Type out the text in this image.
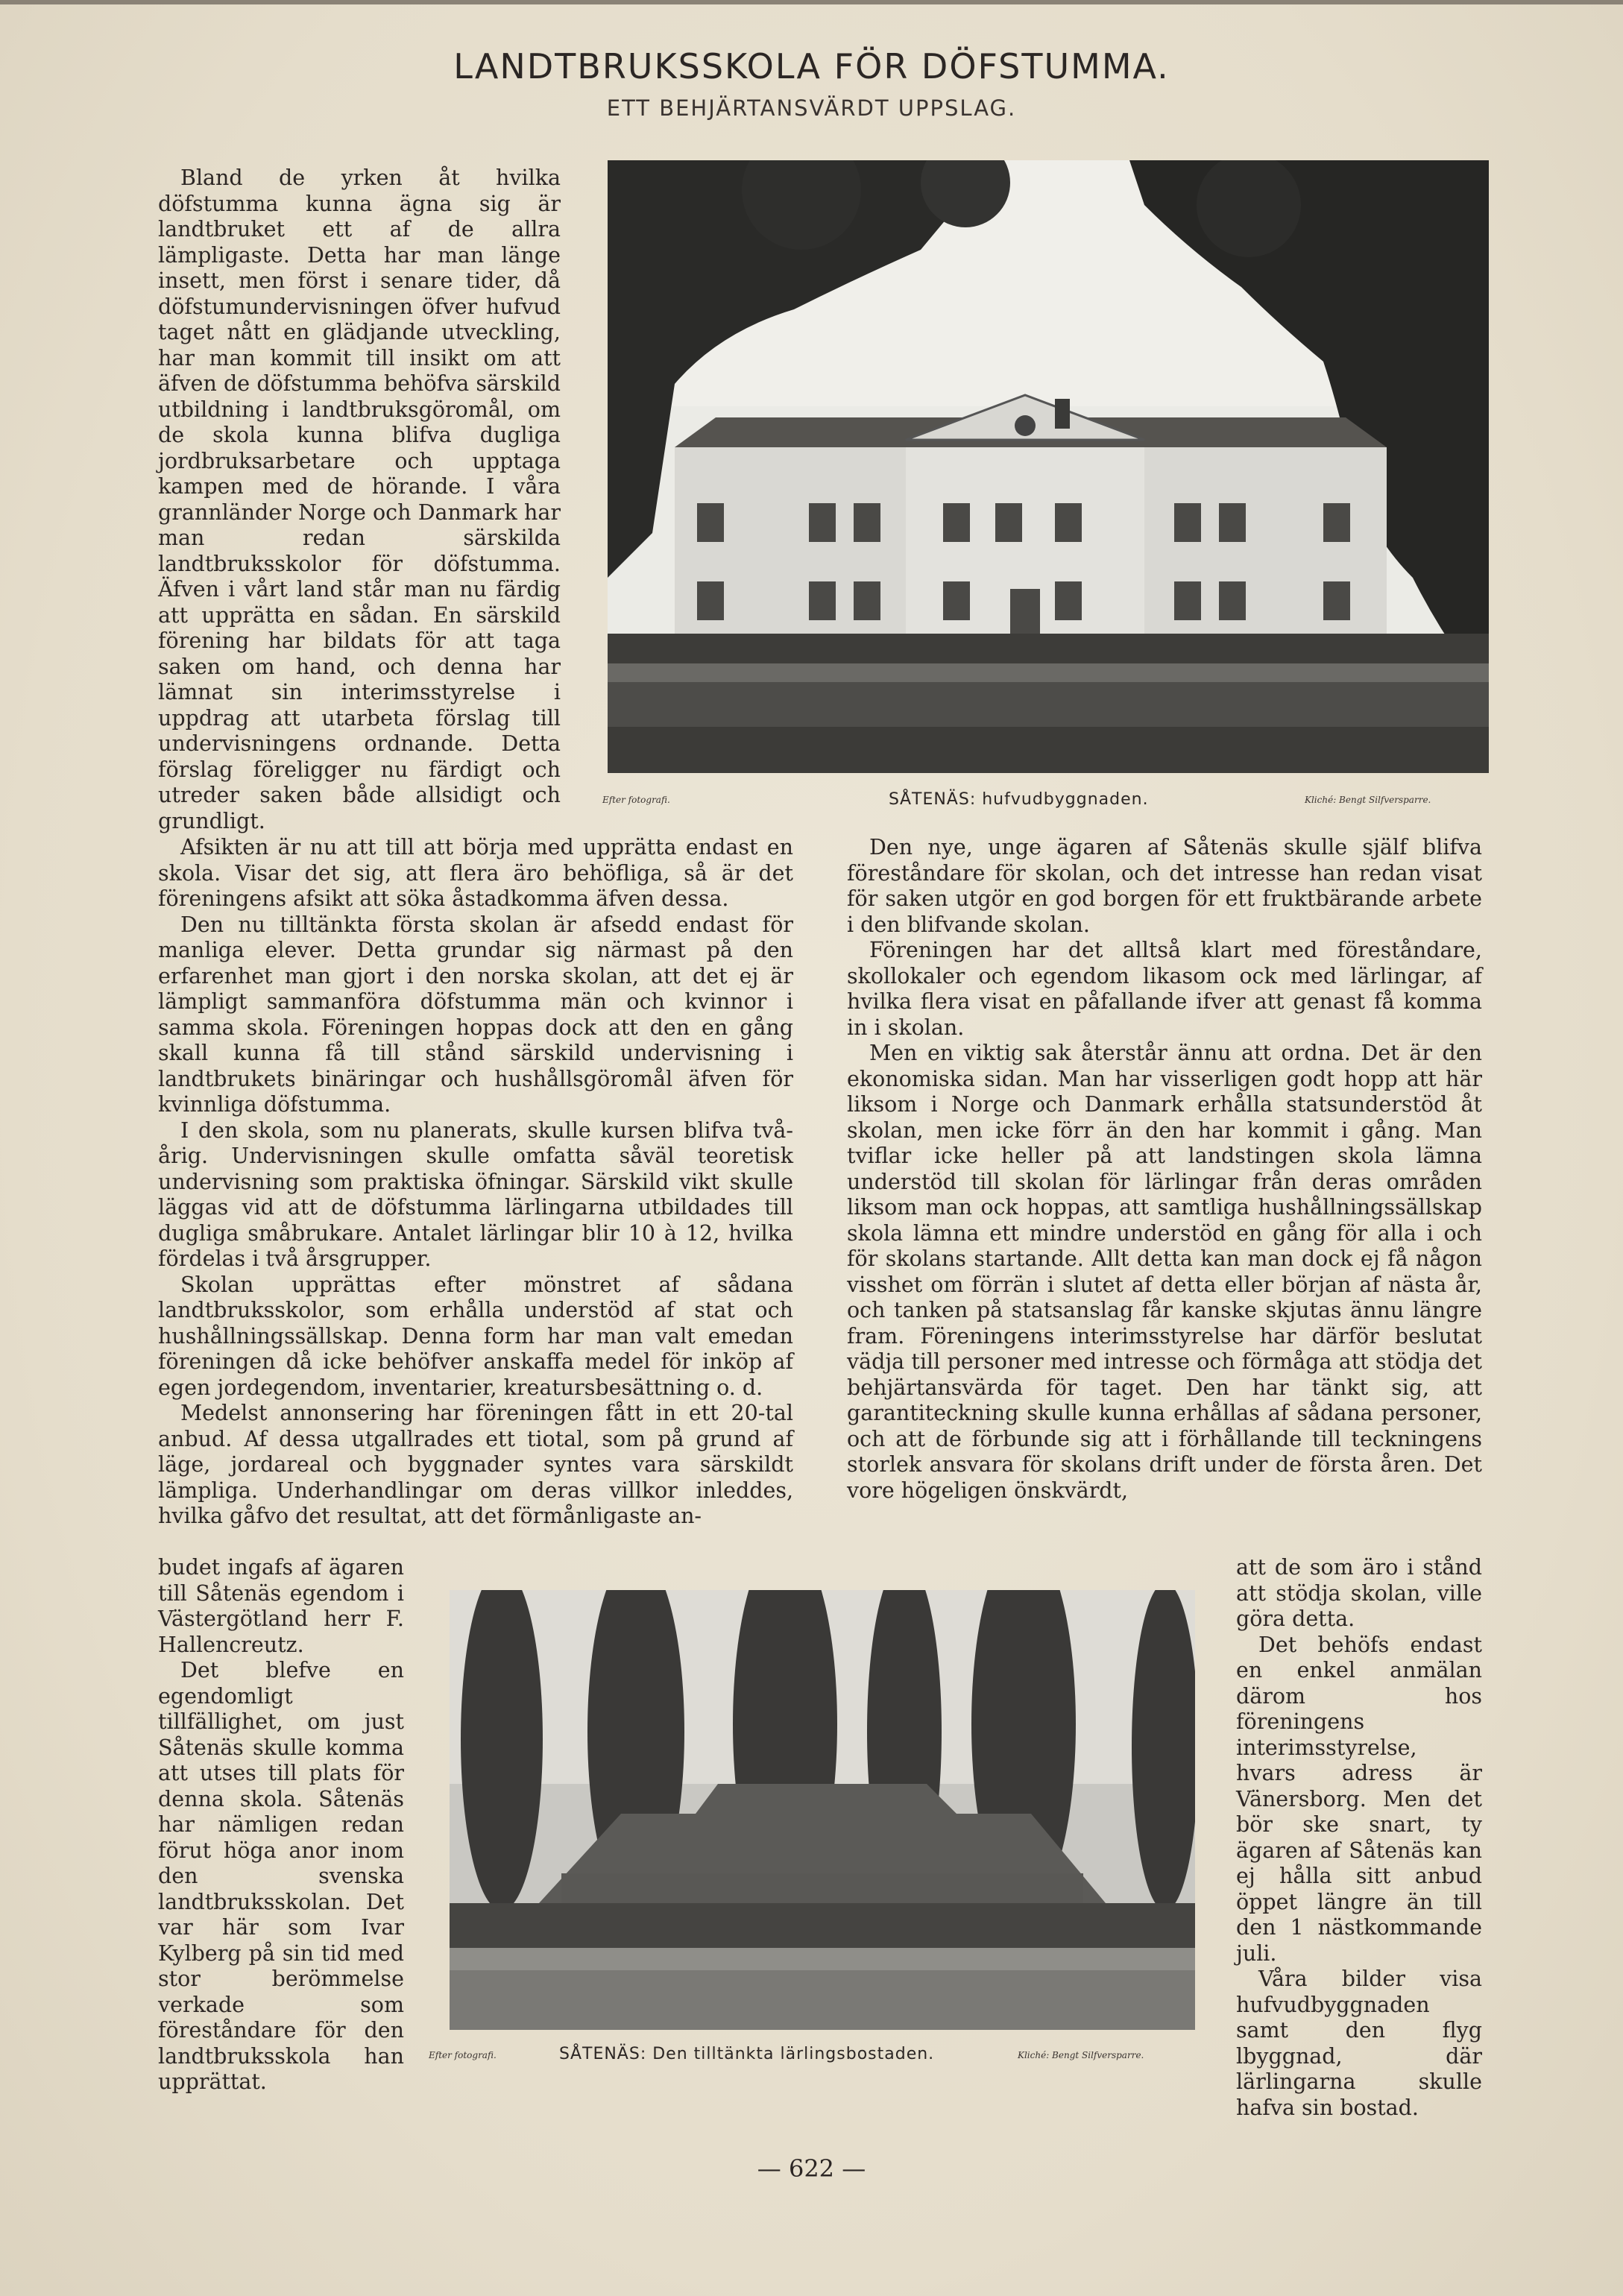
LANDTBRUKSSKOLA FÖR DÖFSTUMMA.
ETT BEHJÄRTANSVÄRDT UPPSLAG.

Bland de yrken åt hvilka döfstumma kunna ägna sig är landtbruket ett af de allra lämpligaste. Detta har man länge insett, men först i senare tider, då döfstumundervisningen öfver hufvud taget nått en glädjande utveckling, har man kommit till insikt om att äfven de döfstumma behöfva särskild utbildning i landtbruksgöromål, om de skola kunna blifva dugliga jordbruksarbetare och upptaga kampen med de hörande. I våra grannländer Norge och Danmark har man redan särskilda landtbruksskolor för döfstumma. Äfven i vårt land står man nu färdig att upprätta en sådan. En särskild förening har bildats för att taga saken om hand, och denna har lämnat sin interimsstyrelse i uppdrag att utarbeta förslag till undervisningens ordnande. Detta förslag föreligger nu färdigt och utreder saken både allsidigt och grundligt.

Efter fotografi.	SÅTENÄS: hufvudbyggnaden.	Kliché: Bengt Silfversparre.

Afsikten är nu att till att börja med upprätta endast en skola. Visar det sig, att flera äro behöfliga, så är det föreningens afsikt att söka åstadkomma äfven dessa.

Den nu tilltänkta första skolan är afsedd endast för manliga elever. Detta grundar sig närmast på den erfarenhet man gjort i den norska skolan, att det ej är lämpligt sammanföra döfstumma män och kvinnor i samma skola. Föreningen hoppas dock att den en gång skall kunna få till stånd särskild undervisning i landtbrukets binäringar och hushållsgöromål äfven för kvinnliga döfstumma.

I den skola, som nu planerats, skulle kursen blifva två-årig. Undervisningen skulle omfatta såväl teoretisk undervisning som praktiska öfningar. Särskild vikt skulle läggas vid att de döfstumma lärlingarna utbildades till dugliga småbrukare. Antalet lärlingar blir 10 à 12, hvilka fördelas i två årsgrupper.

Skolan upprättas efter mönstret af sådana landtbruksskolor, som erhålla understöd af stat och hushållningssällskap. Denna form har man valt emedan föreningen då icke behöfver anskaffa medel för inköp af egen jordegendom, inventarier, kreatursbesättning o. d.

Medelst annonsering har föreningen fått in ett 20-tal anbud. Af dessa utgallrades ett tiotal, som på grund af läge, jordareal och byggnader syntes vara särskildt lämpliga. Underhandlingar om deras villkor inleddes, hvilka gåfvo det resultat, att det förmånligaste an-

Den nye, unge ägaren af Såtenäs skulle själf blifva föreståndare för skolan, och det intresse han redan visat för saken utgör en god borgen för ett fruktbärande arbete i den blifvande skolan.

Föreningen har det alltså klart med föreståndare, skollokaler och egendom likasom ock med lärlingar, af hvilka flera visat en påfallande ifver att genast få komma in i skolan.

Men en viktig sak återstår ännu att ordna. Det är den ekonomiska sidan. Man har visserligen godt hopp att här liksom i Norge och Danmark erhålla statsunderstöd åt skolan, men icke förr än den har kommit i gång. Man tviflar icke heller på att landstingen skola lämna understöd till skolan för lärlingar från deras områden liksom man ock hoppas, att samtliga hushållningssällskap skola lämna ett mindre understöd en gång för alla i och för skolans startande. Allt detta kan man dock ej få någon visshet om förrän i slutet af detta eller början af nästa år, och tanken på statsanslag får kanske skjutas ännu längre fram. Föreningens interimsstyrelse har därför beslutat vädja till personer med intresse och förmåga att stödja det behjärtansvärda för taget. Den har tänkt sig, att garantiteckning skulle kunna erhållas af sådana personer, och att de förbunde sig att i förhållande till teckningens storlek ansvara för skolans drift under de första åren. Det vore högeligen önskvärdt,

budet ingafs af ägaren till Såtenäs egendom i Västergötland herr F. Hallencreutz.

Det blefve en egendomligt tillfällighet, om just Såtenäs skulle komma att utses till plats för denna skola. Såtenäs har nämligen redan förut höga anor inom den svenska landtbruksskolan. Det var här som Ivar Kylberg på sin tid med stor berömmelse verkade som föreståndare för den landtbruksskola han upprättat.

Efter fotografi.	SÅTENÄS: Den tilltänkta lärlingsbostaden.	Kliché: Bengt Silfversparre.

att de som äro i stånd att stödja skolan, ville göra detta.

Det behöfs endast en enkel anmälan därom hos föreningens interimsstyrelse, hvars adress är Vänersborg. Men det bör ske snart, ty ägaren af Såtenäs kan ej hålla sitt anbud öppet längre än till den 1 nästkommande juli.

Våra bilder visa hufvudbyggnaden samt den flyg lbyggnad, där lärlingarna skulle hafva sin bostad.

— 622 —
